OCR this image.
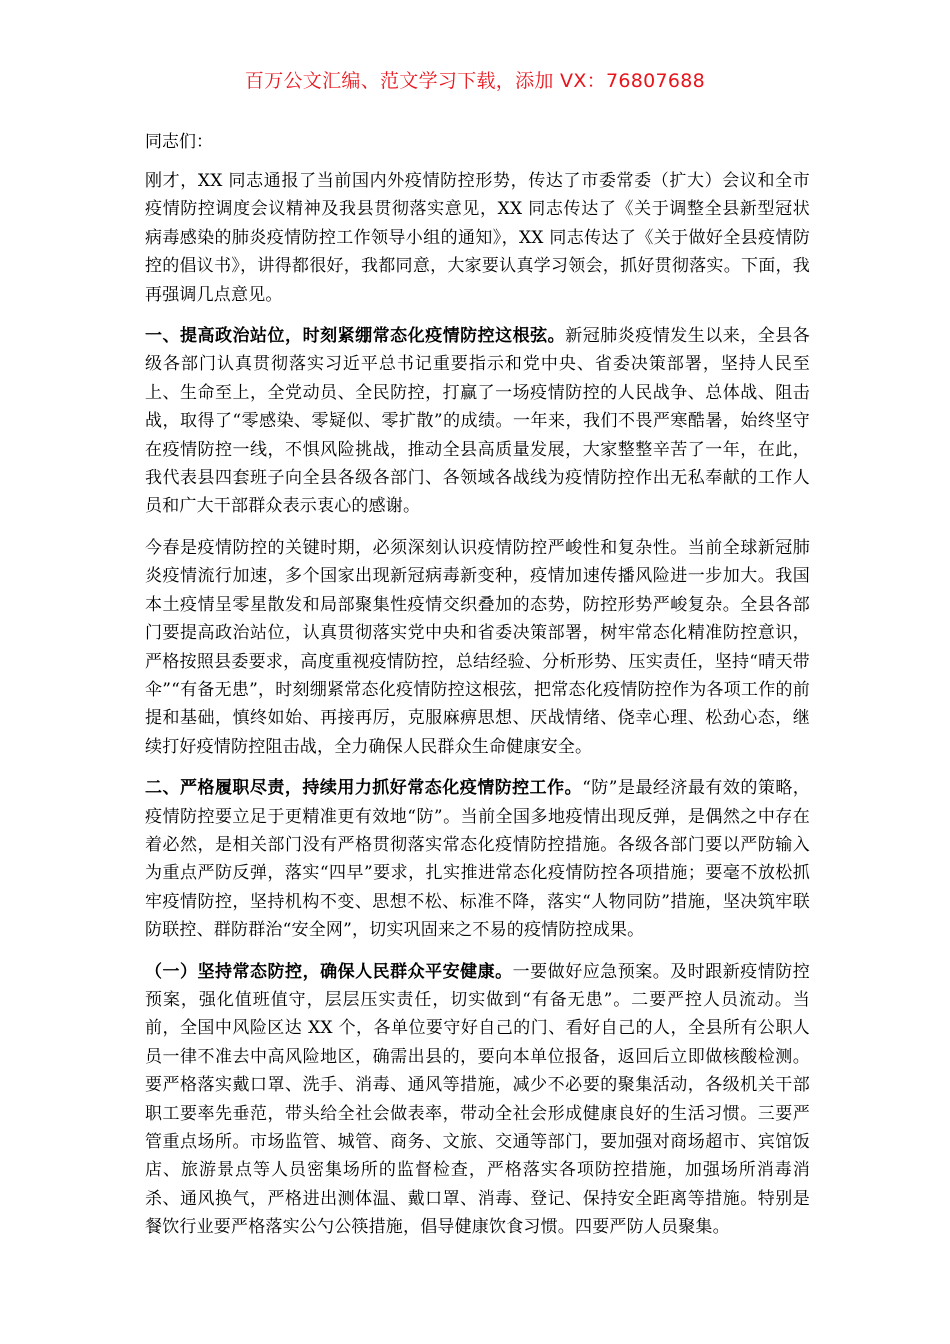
百万公文汇编、范文学习下载，添加 VX：76807688
同志们：

刚才，XX 同志通报了当前国内外疫情防控形势，传达了市委常委（扩大）会议和全市疫情防控调度会议精神及我县贯彻落实意见，XX 同志传达了《关于调整全县新型冠状病毒感染的肺炎疫情防控工作领导小组的通知》，XX 同志传达了《关于做好全县疫情防控的倡议书》，讲得都很好，我都同意，大家要认真学习领会，抓好贯彻落实。下面，我再强调几点意见。

一、提高政治站位，时刻紧绷常态化疫情防控这根弦。新冠肺炎疫情发生以来，全县各级各部门认真贯彻落实习近平总书记重要指示和党中央、省委决策部署，坚持人民至上、生命至上，全党动员、全民防控，打赢了一场疫情防控的人民战争、总体战、阻击战，取得了“零感染、零疑似、零扩散”的成绩。一年来，我们不畏严寒酷暑，始终坚守在疫情防控一线，不惧风险挑战，推动全县高质量发展，大家整整辛苦了一年，在此，我代表县四套班子向全县各级各部门、各领域各战线为疫情防控作出无私奉献的工作人员和广大干部群众表示衷心的感谢。

今春是疫情防控的关键时期，必须深刻认识疫情防控严峻性和复杂性。当前全球新冠肺炎疫情流行加速，多个国家出现新冠病毒新变种，疫情加速传播风险进一步加大。我国本土疫情呈零星散发和局部聚集性疫情交织叠加的态势，防控形势严峻复杂。全县各部门要提高政治站位，认真贯彻落实党中央和省委决策部署，树牢常态化精准防控意识，严格按照县委要求，高度重视疫情防控，总结经验、分析形势、压实责任，坚持“晴天带伞”“有备无患”，时刻绷紧常态化疫情防控这根弦，把常态化疫情防控作为各项工作的前提和基础，慎终如始、再接再厉，克服麻痹思想、厌战情绪、侥幸心理、松劲心态，继续打好疫情防控阻击战，全力确保人民群众生命健康安全。

二、严格履职尽责，持续用力抓好常态化疫情防控工作。“防”是最经济最有效的策略，疫情防控要立足于更精准更有效地“防”。当前全国多地疫情出现反弹，是偶然之中存在着必然，是相关部门没有严格贯彻落实常态化疫情防控措施。各级各部门要以严防输入为重点严防反弹，落实“四早”要求，扎实推进常态化疫情防控各项措施；要毫不放松抓牢疫情防控，坚持机构不变、思想不松、标准不降，落实“人物同防”措施，坚决筑牢联防联控、群防群治“安全网”，切实巩固来之不易的疫情防控成果。

（一）坚持常态防控，确保人民群众平安健康。一要做好应急预案。及时跟新疫情防控预案，强化值班值守，层层压实责任，切实做到“有备无患”。二要严控人员流动。当前，全国中风险区达 XX 个，各单位要守好自己的门、看好自己的人，全县所有公职人员一律不准去中高风险地区，确需出县的，要向本单位报备，返回后立即做核酸检测。要严格落实戴口罩、洗手、消毒、通风等措施，减少不必要的聚集活动，各级机关干部职工要率先垂范，带头给全社会做表率，带动全社会形成健康良好的生活习惯。三要严管重点场所。市场监管、城管、商务、文旅、交通等部门，要加强对商场超市、宾馆饭店、旅游景点等人员密集场所的监督检查，严格落实各项防控措施，加强场所消毒消杀、通风换气，严格进出测体温、戴口罩、消毒、登记、保持安全距离等措施。特别是餐饮行业要严格落实公勺公筷措施，倡导健康饮食习惯。四要严防人员聚集。
